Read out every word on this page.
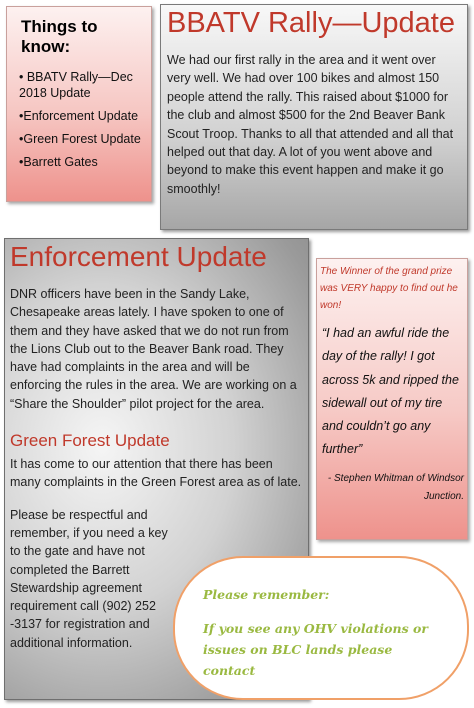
Things to know:
• BBATV Rally—Dec 2018 Update
•Enforcement Update
•Green Forest Update
•Barrett Gates
BBATV Rally—Update

We had our first rally in the area and it went over very well. We had over 100 bikes and almost 150 people attend the rally. This raised about $1000 for the club and almost $500 for the 2nd Beaver Bank Scout Troop. Thanks to all that attended and all that helped out that day. A lot of you went above and beyond to make this event happen and make it go smoothly!

Enforcement Update

DNR officers have been in the Sandy Lake, Chesapeake areas lately. I have spoken to one of them and they have asked that we do not run from the Lions Club out to the Beaver Bank road. They have had complaints in the area and will be enforcing the rules in the area. We are working on a “Share the Shoulder” pilot project for the area.

Green Forest Update

It has come to our attention that there has been many complaints in the Green Forest area as of late.

Please be respectful and remember, if you need a key to the gate and have not completed the Barrett Stewardship agreement requirement call (902) 252 -3137 for registration and additional information.

The Winner of the grand prize was VERY happy to find out he won!

“I had an awful ride the day of the rally! I got across 5k and ripped the sidewall out of my tire and couldn’t go any further”

- Stephen Whitman of Windsor Junction.

Please remember:

If you see any OHV violations or issues on BLC lands please contact
